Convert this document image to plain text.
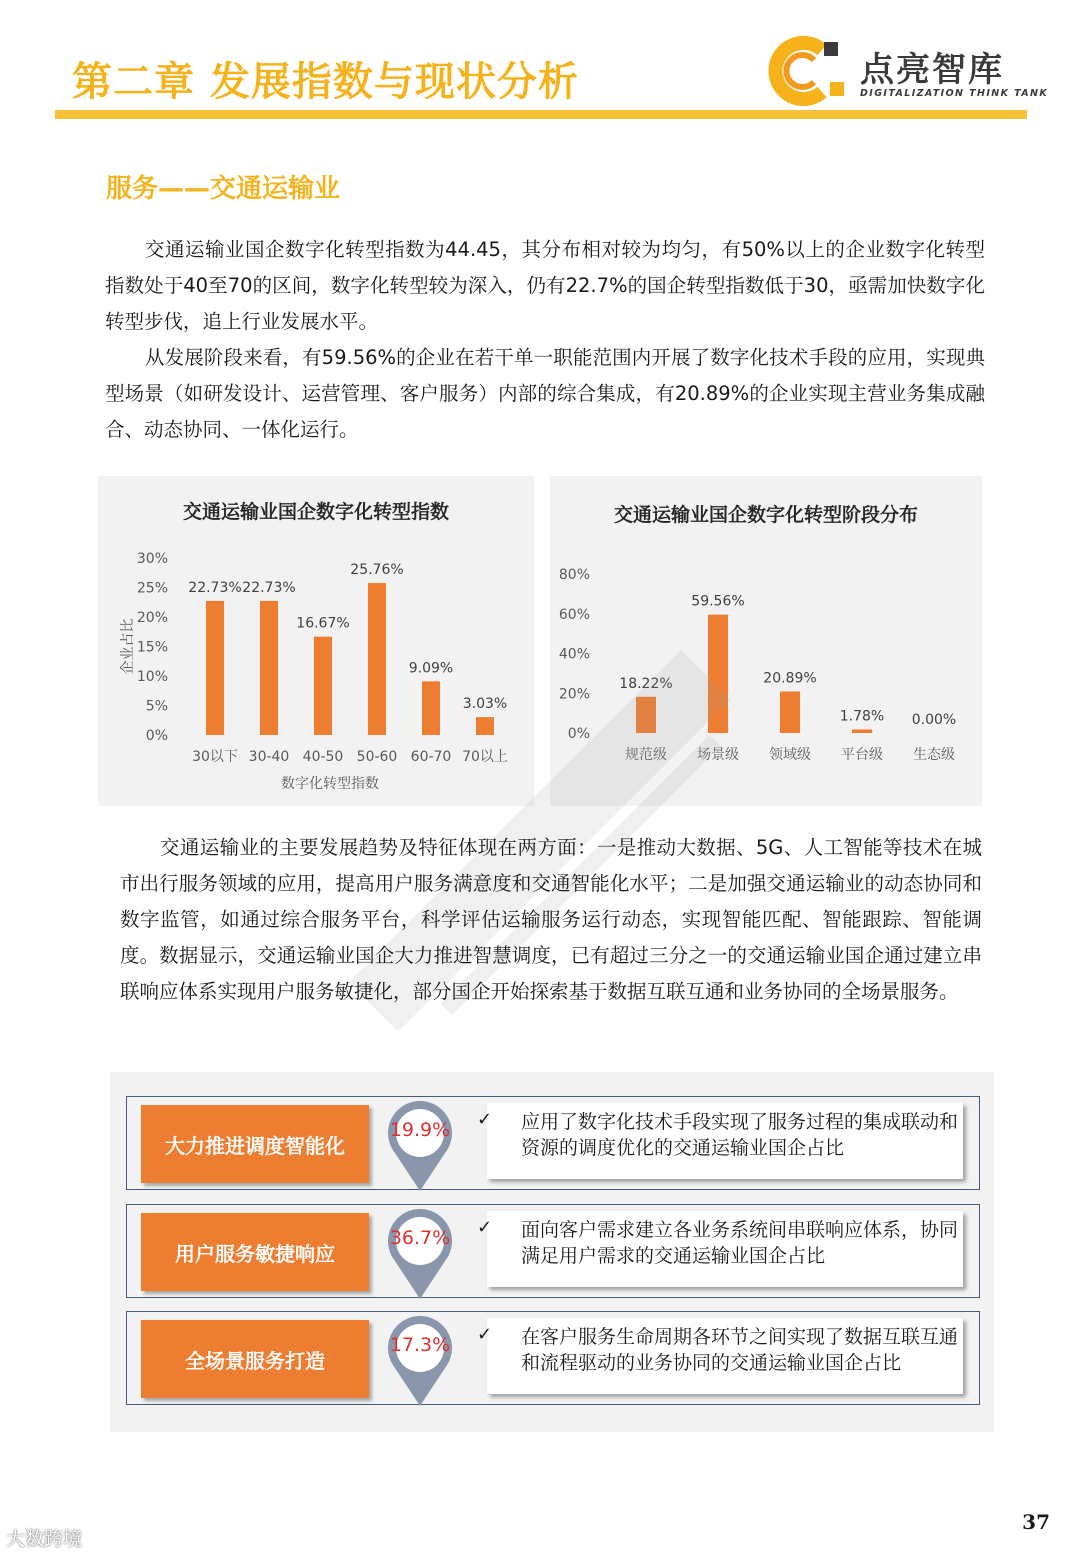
第二章 发展指数与现状分析	点亮智库
DIGITALIZATION THINK TANK
服务——交通运输业

交通运输业国企数字化转型指数为44.45，其分布相对较为均匀，有50%以上的企业数字化转型指数处于40至70的区间，数字化转型较为深入，仍有22.7%的国企转型指数低于30，亟需加快数字化转型步伐，追上行业发展水平。

从发展阶段来看，有59.56%的企业在若干单一职能范围内开展了数字化技术手段的应用，实现典型场景（如研发设计、运营管理、客户服务）内部的综合集成，有20.89%的企业实现主营业务集成融合、动态协同、一体化运行。

交通运输业国企数字化转型指数
0%
5%
10%
15%
20%
25%
30%
22.73%
30以下
22.73%
30-40
16.67%
40-50
25.76%
50-60
9.09%
60-70
3.03%
70以上
数字化转型指数
企业占比
交通运输业国企数字化转型阶段分布
0%
20%
40%
60%
80%
18.22%
规范级
59.56%
场景级
20.89%
领域级
1.78%
平台级
0.00%
生态级

交通运输业的主要发展趋势及特征体现在两方面：一是推动大数据、5G、人工智能等技术在城市出行服务领域的应用，提高用户服务满意度和交通智能化水平；二是加强交通运输业的动态协同和数字监管，如通过综合服务平台，科学评估运输服务运行动态，实现智能匹配、智能跟踪、智能调度。数据显示，交通运输业国企大力推进智慧调度，已有超过三分之一的交通运输业国企通过建立串联响应体系实现用户服务敏捷化，部分国企开始探索基于数据互联互通和业务协同的全场景服务。

大力推进调度智能化
19.9%	✓ 应用了数字化技术手段实现了服务过程的集成联动和资源的调度优化的交通运输业国企占比
用户服务敏捷响应
36.7%	✓ 面向客户需求建立各业务系统间串联响应体系，协同满足用户需求的交通运输业国企占比
全场景服务打造
17.3%	✓ 在客户服务生命周期各环节之间实现了数据互联互通和流程驱动的业务协同的交通运输业国企占比
37
大数跨境
